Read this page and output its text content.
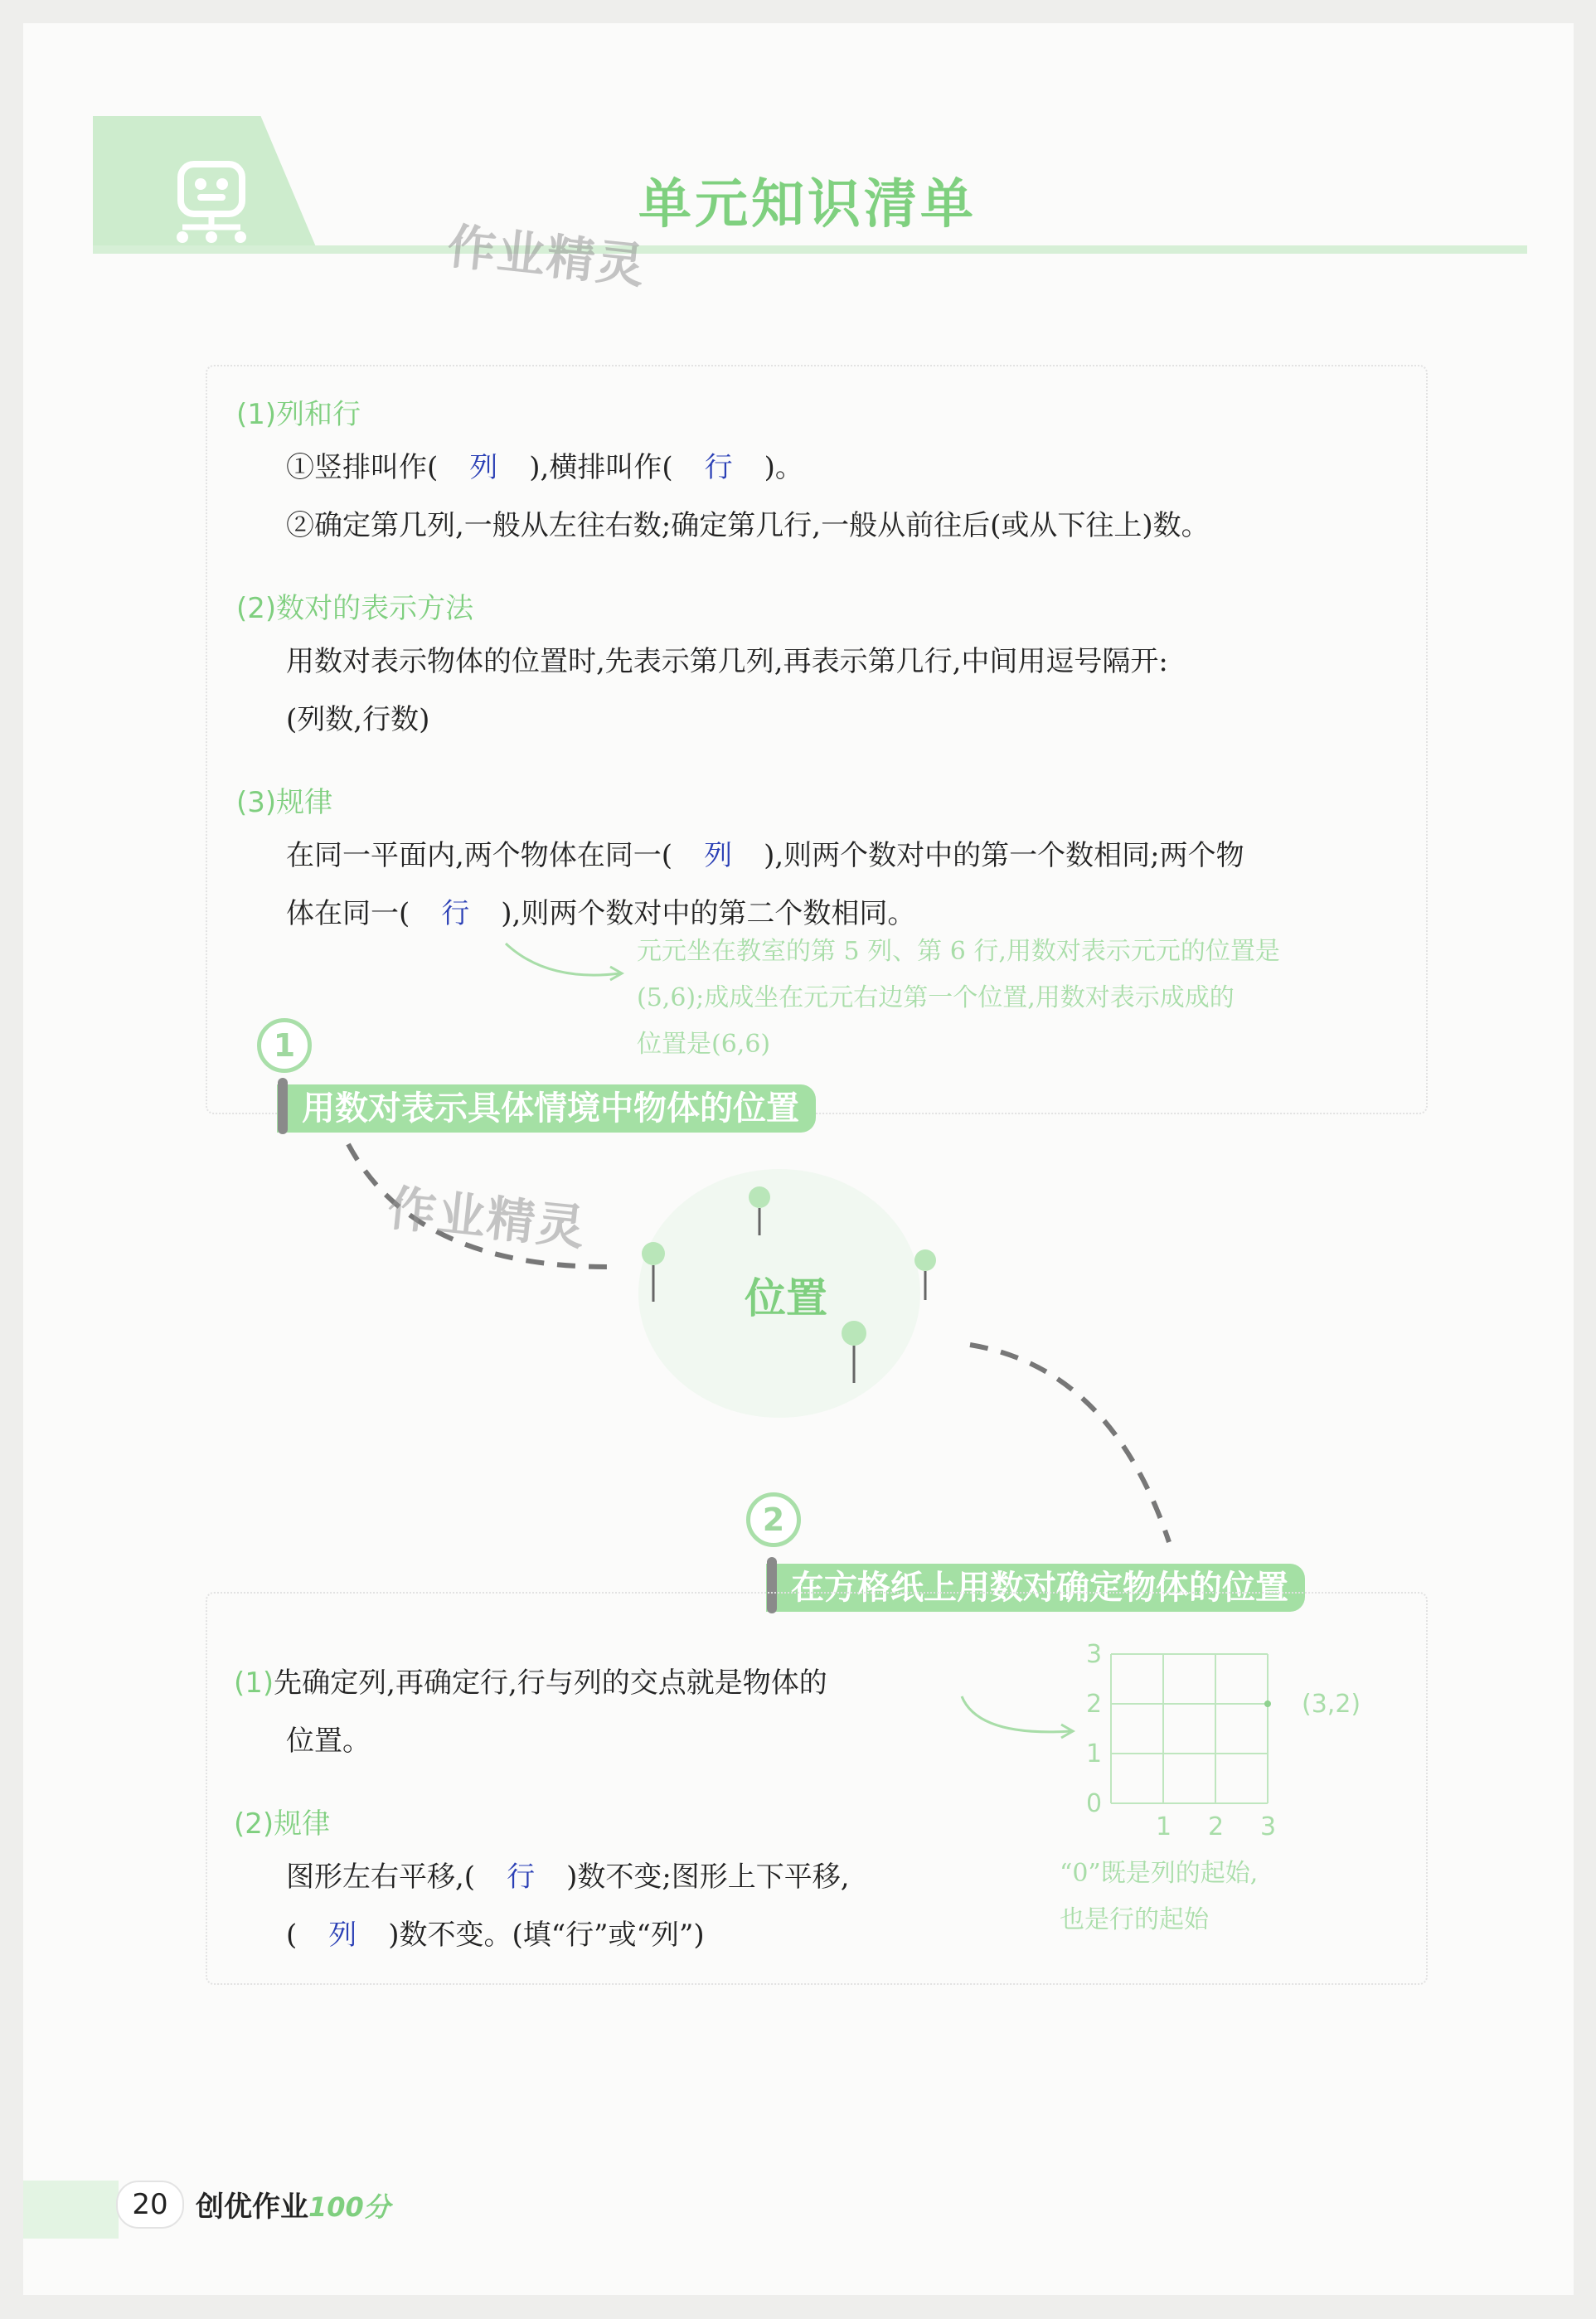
单元知识清单
作业精灵
(1)列和行
①竖排叫作( 列 ),横排叫作( 行 )。
②确定第几列,一般从左往右数;确定第几行,一般从前往后(或从下往上)数。
(2)数对的表示方法
用数对表示物体的位置时,先表示第几列,再表示第几行,中间用逗号隔开:
(列数,行数)
(3)规律
在同一平面内,两个物体在同一( 列 ),则两个数对中的第一个数相同;两个物
体在同一( 行 ),则两个数对中的第二个数相同。
元元坐在教室的第 5 列、第 6 行,用数对表示元元的位置是
(5,6);成成坐在元元右边第一个位置,用数对表示成成的
位置是(6,6)
1
用数对表示具体情境中物体的位置
作业精灵
位置
2
在方格纸上用数对确定物体的位置
(1)先确定列,再确定行,行与列的交点就是物体的
位置。
(2)规律
图形左右平移,( 行 )数不变;图形上下平移,
( 列 )数不变。(填“行”或“列”)
3
2
1
0
1 2 3
(3,2)
“0”既是列的起始,
也是行的起始
20 创优作业100分
